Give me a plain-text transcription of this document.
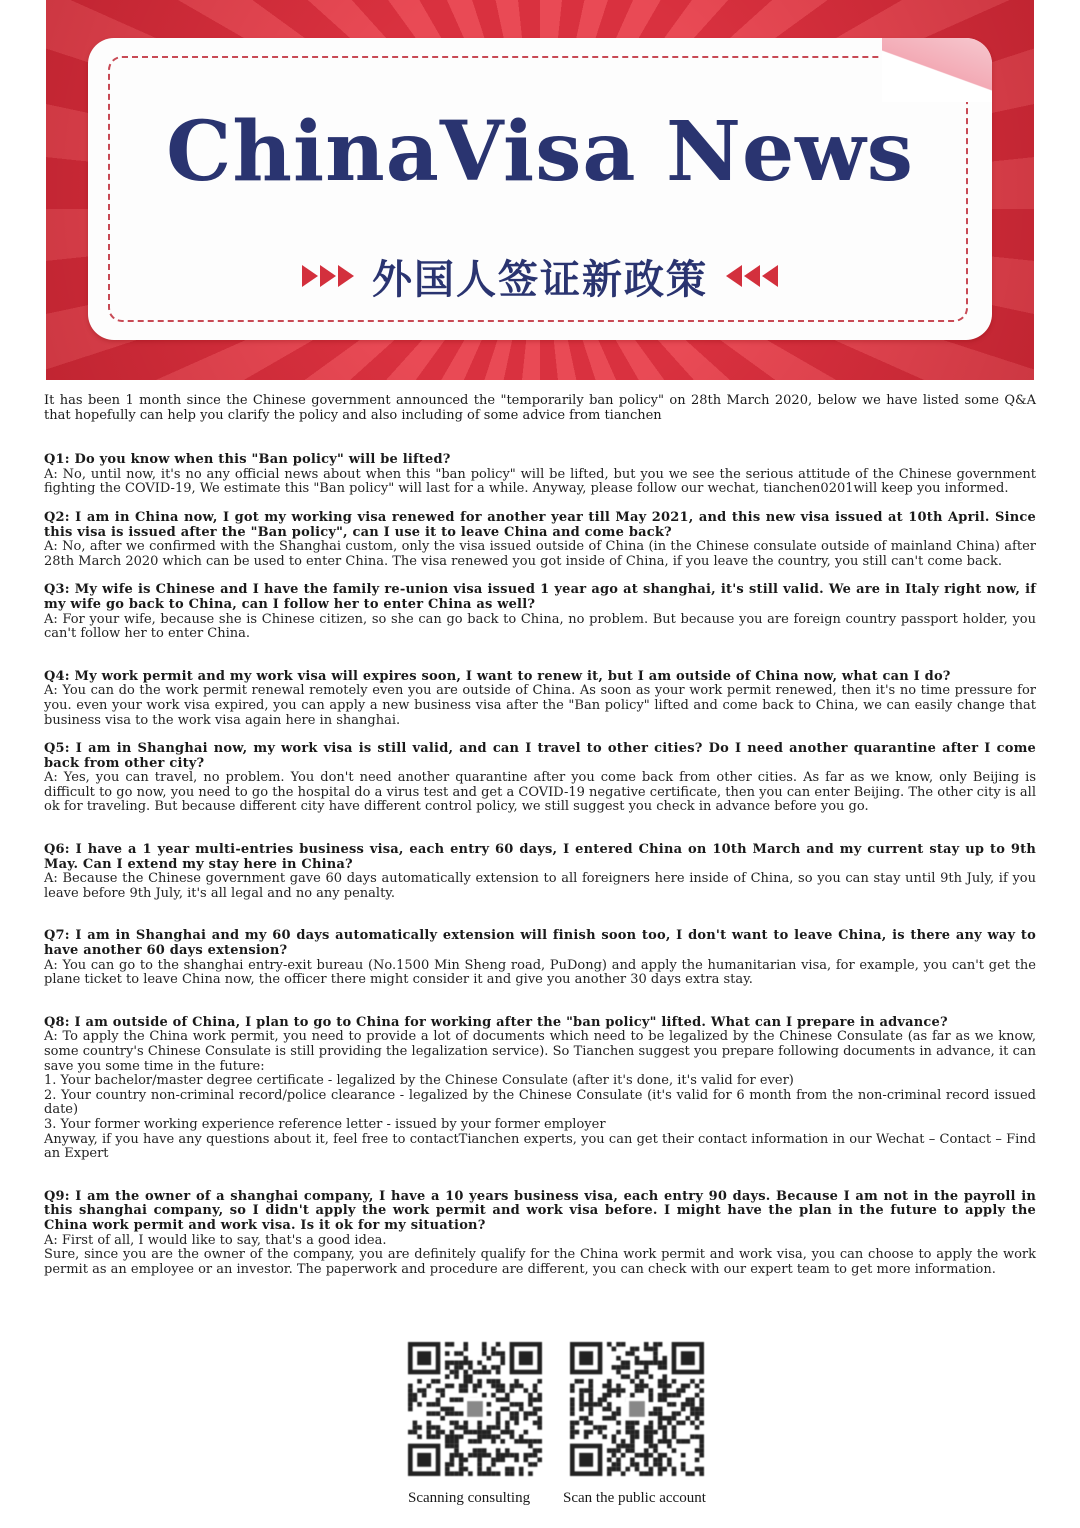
ChinaVisa News
外国人签证新政策

It has been 1 month since the Chinese government announced the "temporarily ban policy" on 28th March 2020, below we have listed some Q&A that hopefully can help you clarify the policy and also including of some advice from tianchen

Q1: Do you know when this "Ban policy" will be lifted?

A: No, until now, it's no any official news about when this "ban policy" will be lifted, but you we see the serious attitude of the Chinese government fighting the COVID-19, We estimate this "Ban policy" will last for a while. Anyway, please follow our wechat, tianchen0201will keep you informed.

Q2: I am in China now, I got my working visa renewed for another year till May 2021, and this new visa issued at 10th April. Since this visa is issued after the "Ban policy", can I use it to leave China and come back?

A: No, after we confirmed with the Shanghai custom, only the visa issued outside of China (in the Chinese consulate outside of mainland China) after 28th March 2020 which can be used to enter China. The visa renewed you got inside of China, if you leave the country, you still can't come back.

Q3: My wife is Chinese and I have the family re-union visa issued 1 year ago at shanghai, it's still valid. We are in Italy right now, if my wife go back to China, can I follow her to enter China as well?

A: For your wife, because she is Chinese citizen, so she can go back to China, no problem. But because you are foreign country passport holder, you can't follow her to enter China.

Q4: My work permit and my work visa will expires soon, I want to renew it, but I am outside of China now, what can I do?

A: You can do the work permit renewal remotely even you are outside of China. As soon as your work permit renewed, then it's no time pressure for you. even your work visa expired, you can apply a new business visa after the "Ban policy" lifted and come back to China, we can easily change that business visa to the work visa again here in shanghai.

Q5: I am in Shanghai now, my work visa is still valid, and can I travel to other cities? Do I need another quarantine after I come back from other city?

A: Yes, you can travel, no problem. You don't need another quarantine after you come back from other cities. As far as we know, only Beijing is difficult to go now, you need to go the hospital do a virus test and get a COVID-19 negative certificate, then you can enter Beijing. The other city is all ok for traveling. But because different city have different control policy, we still suggest you check in advance before you go.

Q6: I have a 1 year multi-entries business visa, each entry 60 days, I entered China on 10th March and my current stay up to 9th May. Can I extend my stay here in China?

A: Because the Chinese government gave 60 days automatically extension to all foreigners here inside of China, so you can stay until 9th July, if you leave before 9th July, it's all legal and no any penalty.

Q7: I am in Shanghai and my 60 days automatically extension will finish soon too, I don't want to leave China, is there any way to have another 60 days extension?

A: You can go to the shanghai entry-exit bureau (No.1500 Min Sheng road, PuDong) and apply the humanitarian visa, for example, you can't get the plane ticket to leave China now, the officer there might consider it and give you another 30 days extra stay.

Q8: I am outside of China, I plan to go to China for working after the "ban policy" lifted. What can I prepare in advance?

A: To apply the China work permit, you need to provide a lot of documents which need to be legalized by the Chinese Consulate (as far as we know, some country's Chinese Consulate is still providing the legalization service). So Tianchen suggest you prepare following documents in advance, it can save you some time in the future:

1. Your bachelor/master degree certificate - legalized by the Chinese Consulate (after it's done, it's valid for ever)

2. Your country non-criminal record/police clearance - legalized by the Chinese Consulate (it's valid for 6 month from the non-criminal record issued date)

3. Your former working experience reference letter - issued by your former employer

Anyway, if you have any questions about it, feel free to contactTianchen experts, you can get their contact information in our Wechat – Contact – Find an Expert

Q9: I am the owner of a shanghai company, I have a 10 years business visa, each entry 90 days. Because I am not in the payroll in this shanghai company, so I didn't apply the work permit and work visa before. I might have the plan in the future to apply the China work permit and work visa. Is it ok for my situation?

A: First of all, I would like to say, that's a good idea.

Sure, since you are the owner of the company, you are definitely qualify for the China work permit and work visa, you can choose to apply the work permit as an employee or an investor. The paperwork and procedure are different, you can check with our expert team to get more information.

Scanning consulting Scan the public account
